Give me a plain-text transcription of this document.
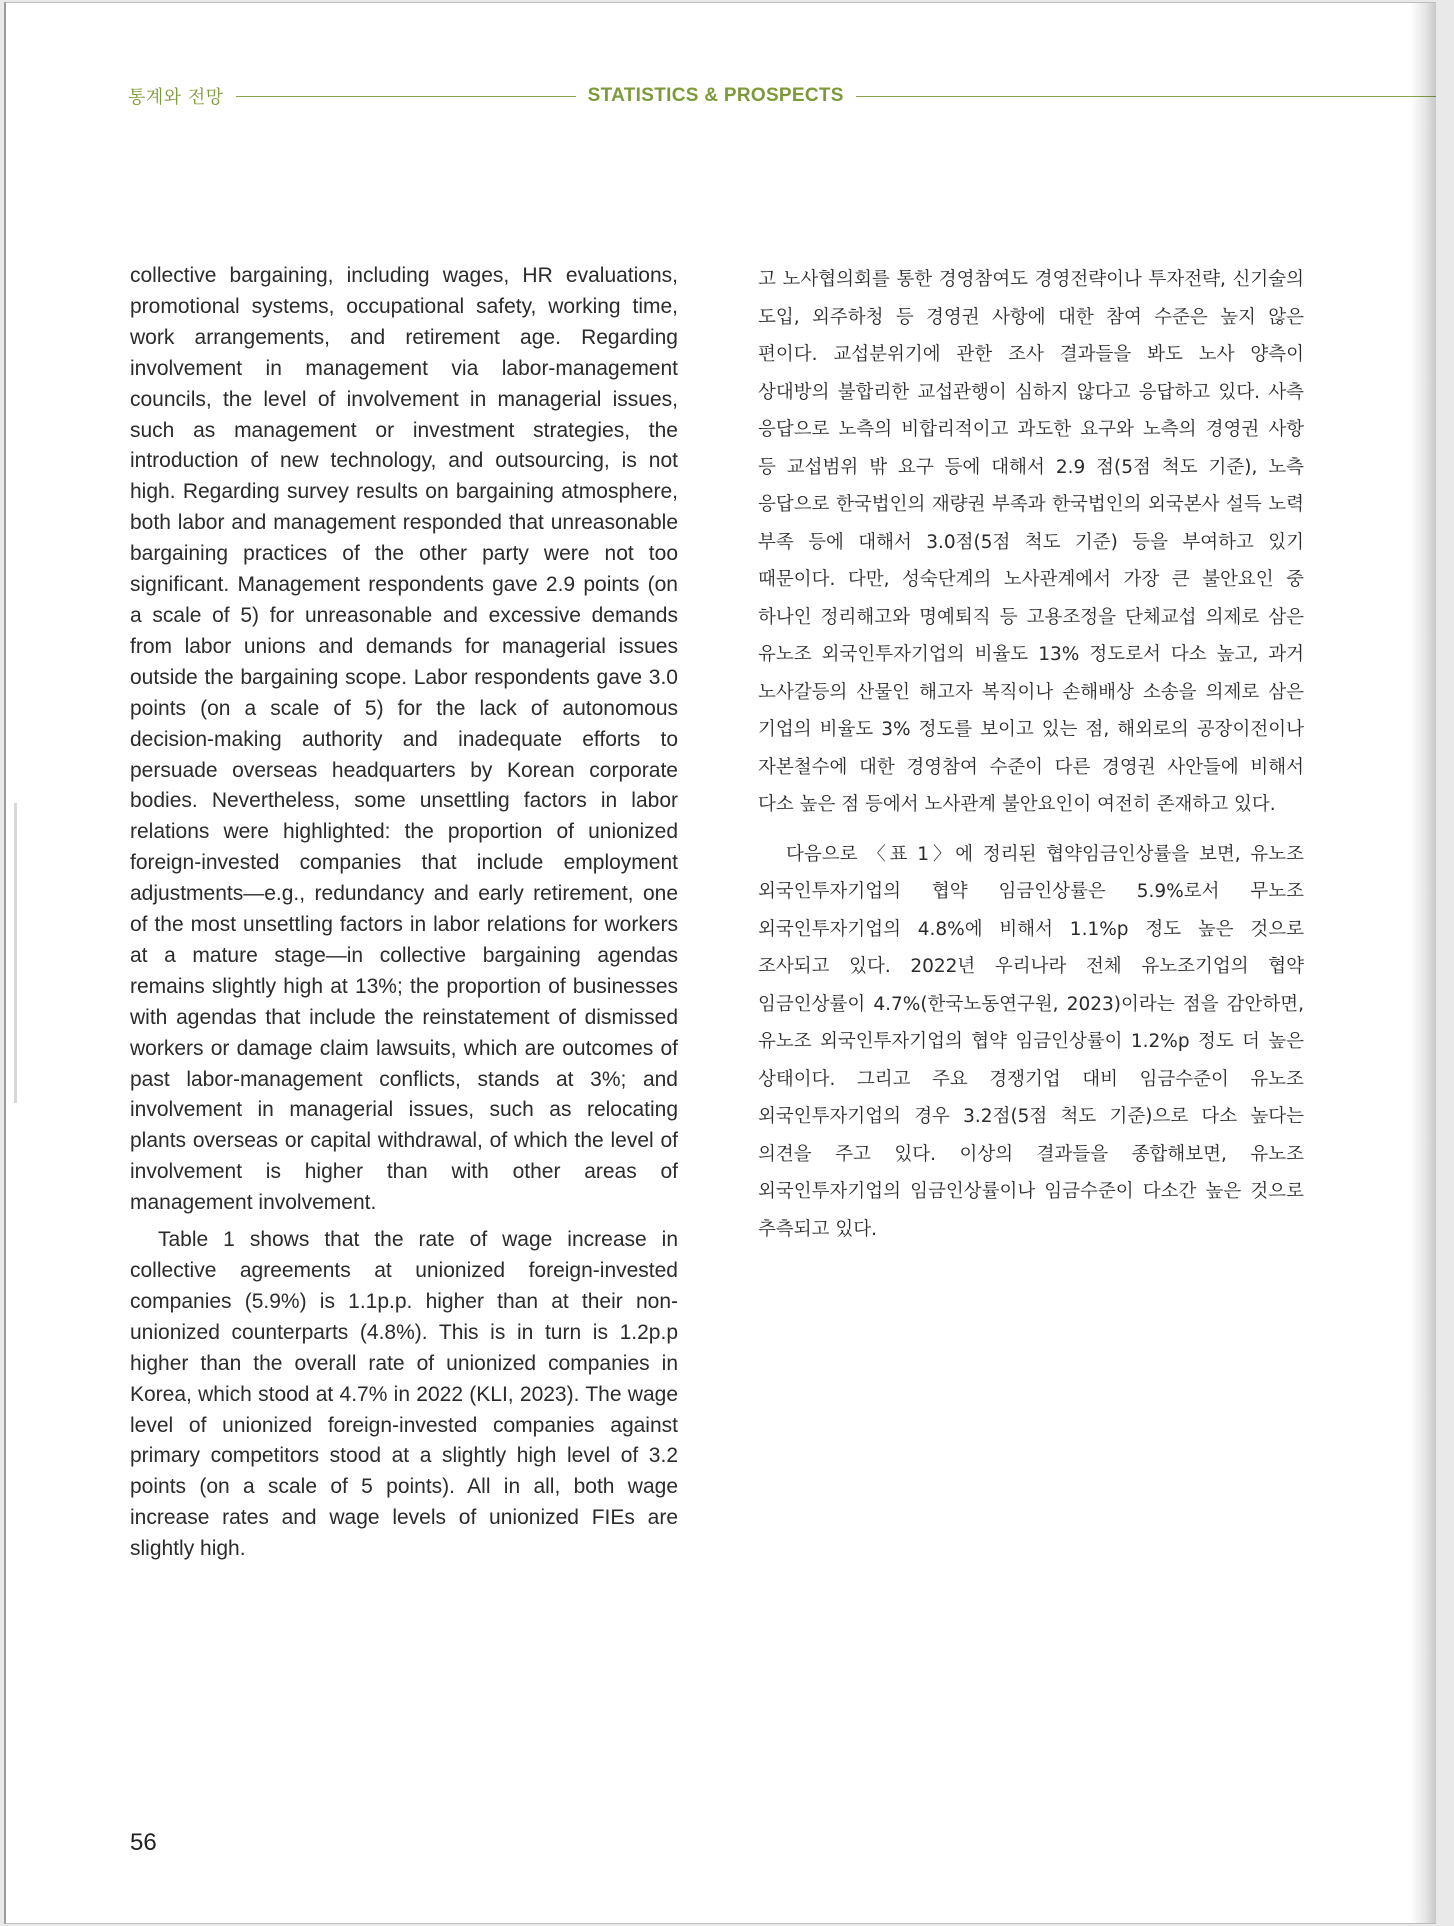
통계와 전망	STATISTICS & PROSPECTS

collective bargaining, including wages, HR evaluations, promotional systems, occupational safety, working time, work arrangements, and retirement age. Regarding involvement in management via labor-management councils, the level of involvement in managerial issues, such as management or investment strategies, the introduction of new technology, and outsourcing, is not high. Regarding survey results on bargaining atmosphere, both labor and management responded that unreasonable bargaining practices of the other party were not too significant. Management respondents gave 2.9 points (on a scale of 5) for unreasonable and excessive demands from labor unions and demands for managerial issues outside the bargaining scope. Labor respondents gave 3.0 points (on a scale of 5) for the lack of autonomous decision-making authority and inadequate efforts to persuade overseas headquarters by Korean corporate bodies. Nevertheless, some unsettling factors in labor relations were highlighted: the proportion of unionized foreign-invested companies that include employment adjustments—e.g., redundancy and early retirement, one of the most unsettling factors in labor relations for workers at a mature stage—in collective bargaining agendas remains slightly high at 13%; the proportion of businesses with agendas that include the reinstatement of dismissed workers or damage claim lawsuits, which are outcomes of past labor-management conflicts, stands at 3%; and involvement in managerial issues, such as relocating plants overseas or capital withdrawal, of which the level of involvement is higher than with other areas of management involvement.

Table 1 shows that the rate of wage increase in collective agreements at unionized foreign-invested companies (5.9%) is 1.1p.p. higher than at their non-unionized counterparts (4.8%). This is in turn is 1.2p.p higher than the overall rate of unionized companies in Korea, which stood at 4.7% in 2022 (KLI, 2023). The wage level of unionized foreign-invested companies against primary competitors stood at a slightly high level of 3.2 points (on a scale of 5 points). All in all, both wage increase rates and wage levels of unionized FIEs are slightly high.

고 노사협의회를 통한 경영참여도 경영전략이나 투자전략, 신기술의 도입, 외주하청 등 경영권 사항에 대한 참여 수준은 높지 않은 편이다. 교섭분위기에 관한 조사 결과들을 봐도 노사 양측이 상대방의 불합리한 교섭관행이 심하지 않다고 응답하고 있다. 사측 응답으로 노측의 비합리적이고 과도한 요구와 노측의 경영권 사항 등 교섭범위 밖 요구 등에 대해서 2.9 점(5점 척도 기준), 노측 응답으로 한국법인의 재량권 부족과 한국법인의 외국본사 설득 노력 부족 등에 대해서 3.0점(5점 척도 기준) 등을 부여하고 있기 때문이다. 다만, 성숙단계의 노사관계에서 가장 큰 불안요인 중 하나인 정리해고와 명예퇴직 등 고용조정을 단체교섭 의제로 삼은 유노조 외국인투자기업의 비율도 13% 정도로서 다소 높고, 과거 노사갈등의 산물인 해고자 복직이나 손해배상 소송을 의제로 삼은 기업의 비율도 3% 정도를 보이고 있는 점, 해외로의 공장이전이나 자본철수에 대한 경영참여 수준이 다른 경영권 사안들에 비해서 다소 높은 점 등에서 노사관계 불안요인이 여전히 존재하고 있다.

다음으로 〈표 1〉에 정리된 협약임금인상률을 보면, 유노조 외국인투자기업의 협약 임금인상률은 5.9%로서 무노조 외국인투자기업의 4.8%에 비해서 1.1%p 정도 높은 것으로 조사되고 있다. 2022년 우리나라 전체 유노조기업의 협약 임금인상률이 4.7%(한국노동연구원, 2023)이라는 점을 감안하면, 유노조 외국인투자기업의 협약 임금인상률이 1.2%p 정도 더 높은 상태이다. 그리고 주요 경쟁기업 대비 임금수준이 유노조 외국인투자기업의 경우 3.2점(5점 척도 기준)으로 다소 높다는 의견을 주고 있다. 이상의 결과들을 종합해보면, 유노조 외국인투자기업의 임금인상률이나 임금수준이 다소간 높은 것으로 추측되고 있다.

56
